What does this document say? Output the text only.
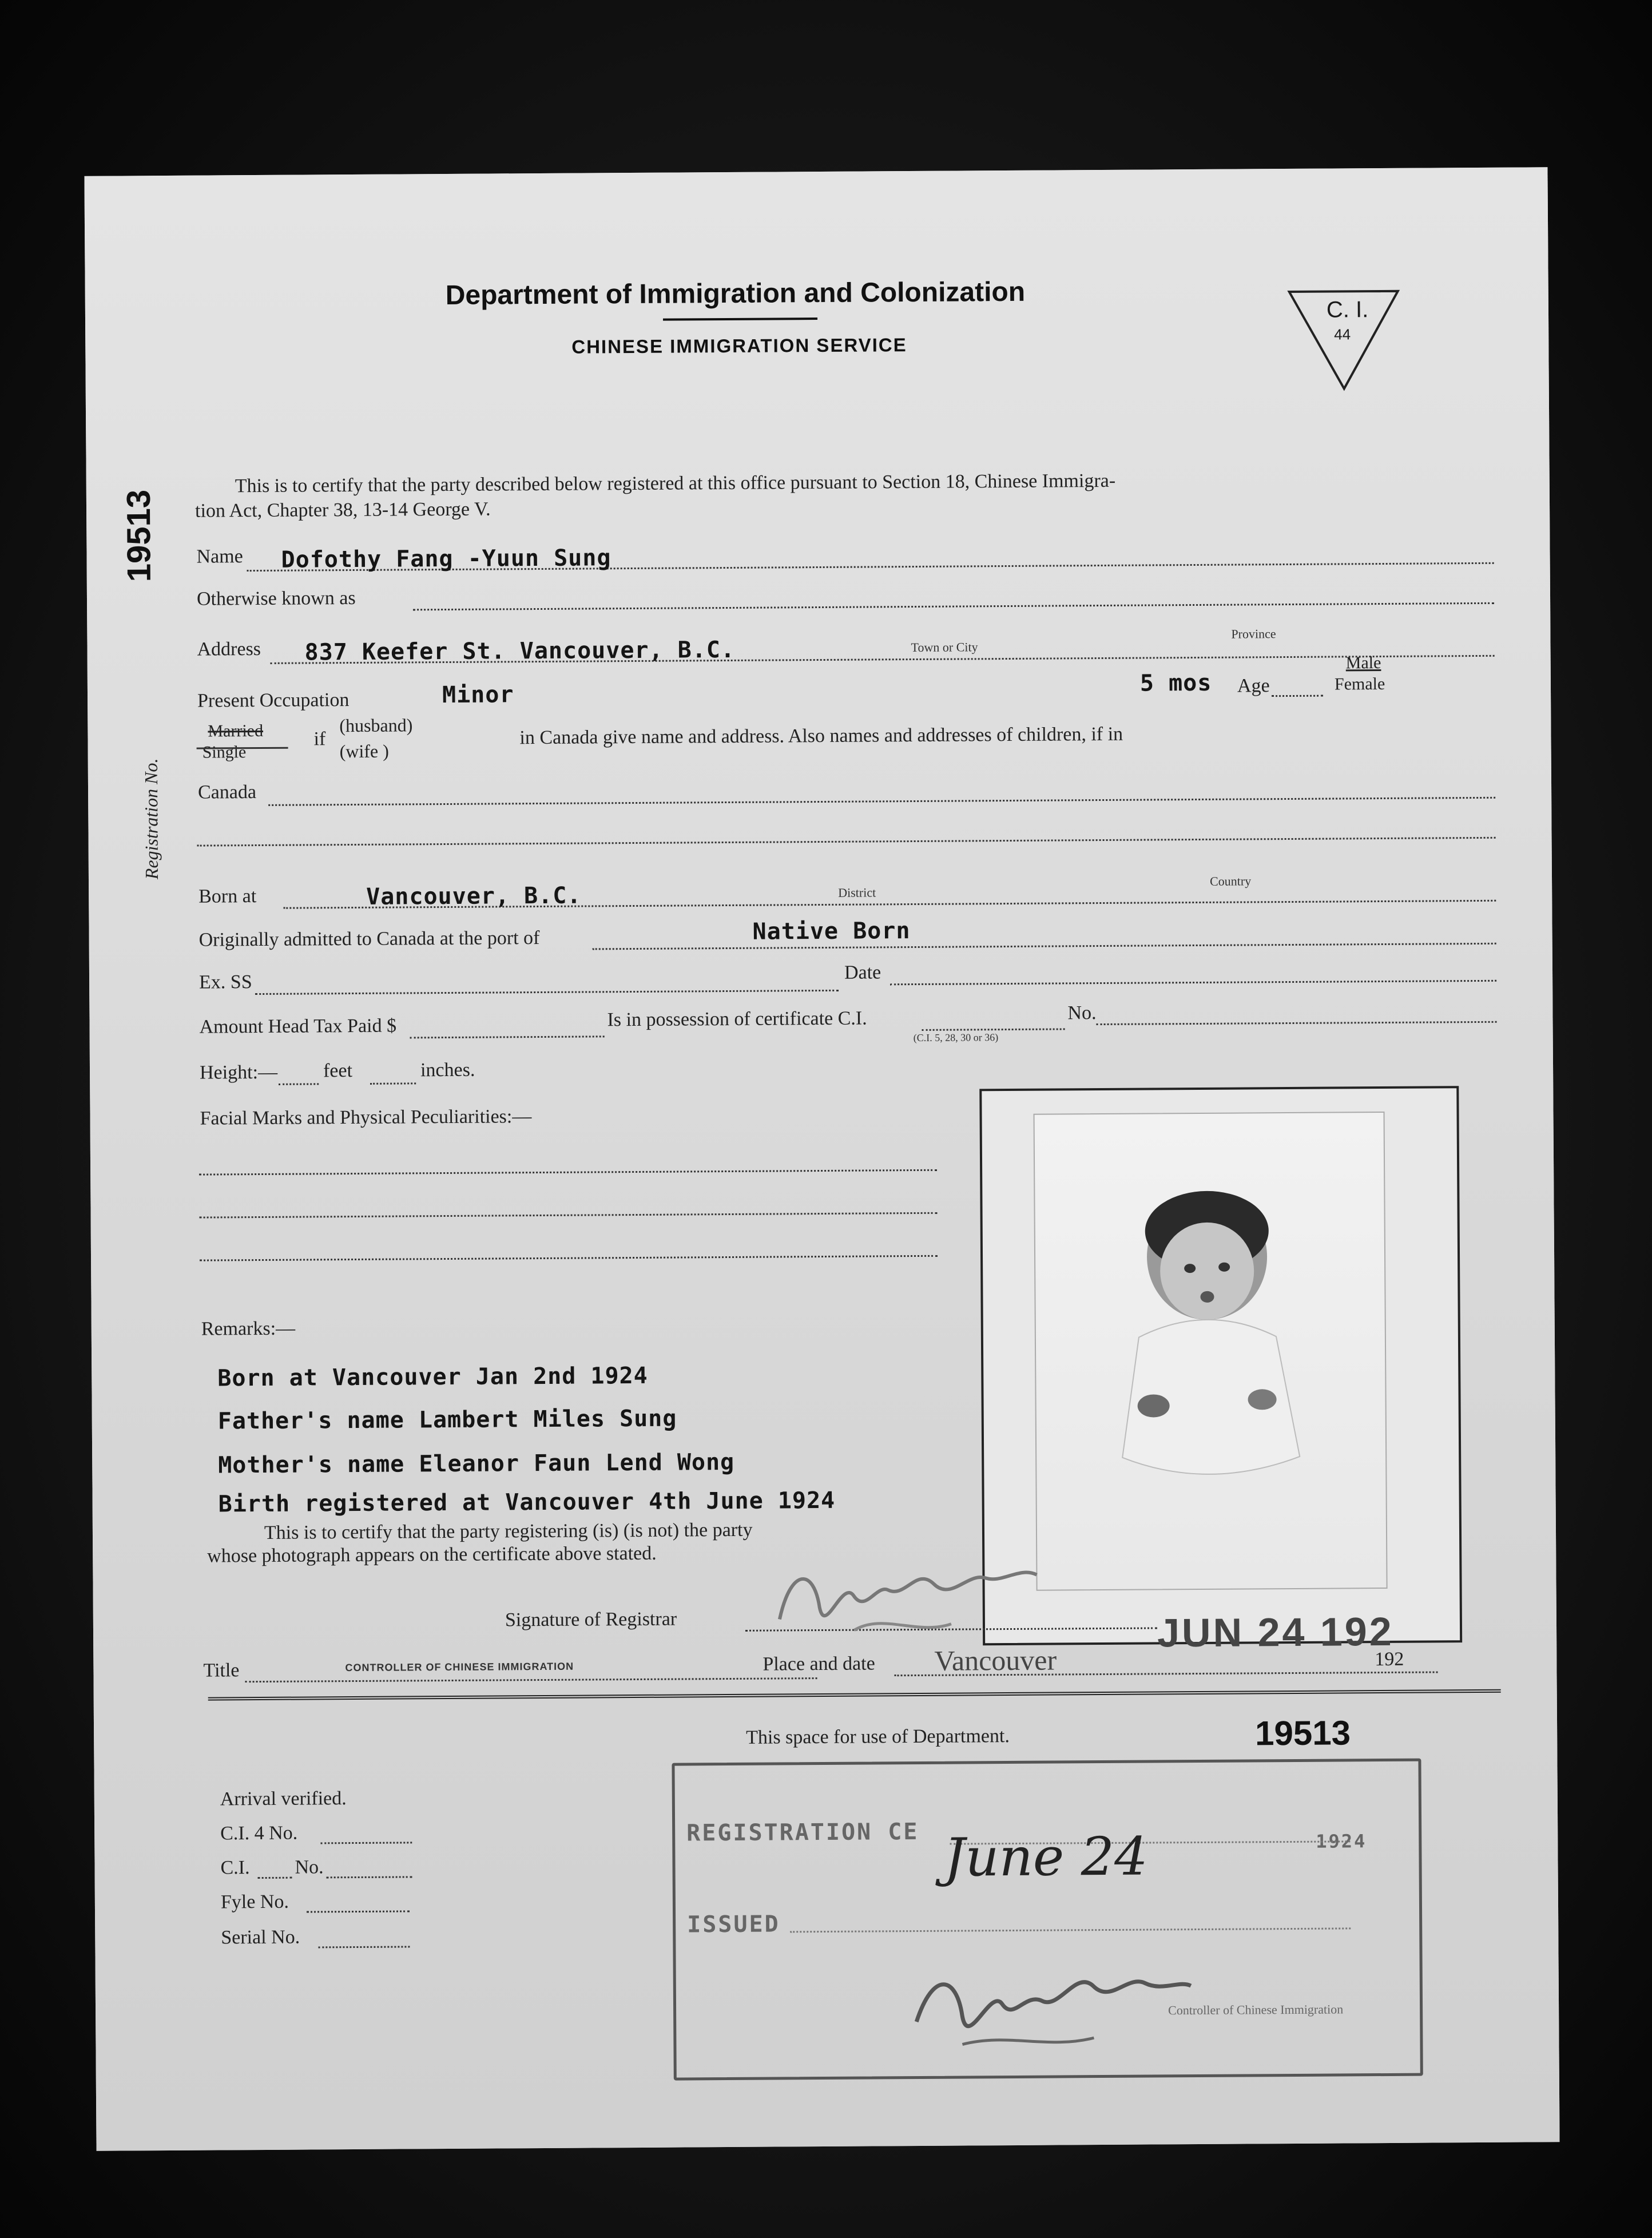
Department of Immigration and Colonization
CHINESE IMMIGRATION SERVICE
C. I.
44
19513
Registration No.
This is to certify that the party described below registered at this office pursuant to Section 18, Chinese Immigra-
tion Act, Chapter 38, 13-14 George V.
Name Dofothy Fang -Yuun Sung
Otherwise known as
Address 837 Keefer St. Vancouver, B.C.	Town or City
Province
Present Occupation	Minor	5 mos Age
Male
Female
Married
Single
if
(husband)
(wife )
in Canada give name and address. Also names and addresses of children, if in
Canada
Born at	Vancouver, B.C.	District
Country
Originally admitted to Canada at the port of	Native Born
Ex. SS	Date
Amount Head Tax Paid $	Is in possession of certificate C.I.	No.
(C.I. 5, 28, 30 or 36)
Height:— feet	inches.
Facial Marks and Physical Peculiarities:—
Remarks:—
Born at Vancouver Jan 2nd 1924
Father's name Lambert Miles Sung
Mother's name Eleanor Faun Lend Wong
Birth registered at Vancouver 4th June 1924
This is to certify that the party registering (is) (is not) the party
whose photograph appears on the certificate above stated.
Signature of Registrar
Title	CONTROLLER OF CHINESE IMMIGRATION	Place and date Vancouver
JUN 24 192
192
This space for use of Department.	19513
Arrival verified.
C.I. 4 No.
C.I. No.
Fyle No.
Serial No.
REGISTRATION CE
ISSUED
1924
June 24
Controller of Chinese Immigration
